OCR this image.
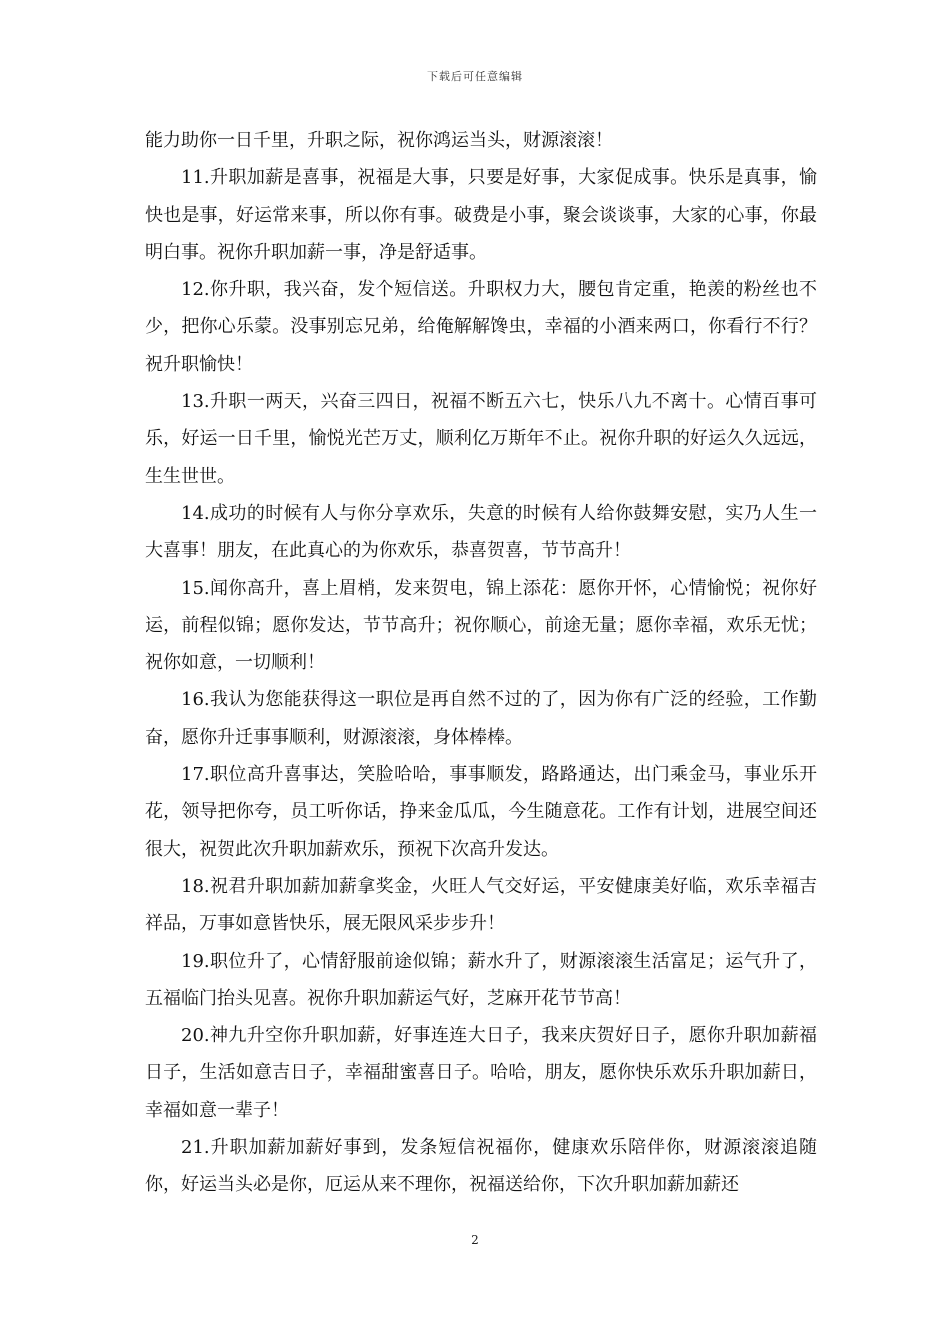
下载后可任意编辑

能力助你一日千里，升职之际，祝你鸿运当头，财源滚滚！

11.升职加薪是喜事，祝福是大事，只要是好事，大家促成事。快乐是真事，愉快也是事，好运常来事，所以你有事。破费是小事，聚会谈谈事，大家的心事，你最明白事。祝你升职加薪一事，净是舒适事。

12.你升职，我兴奋，发个短信送。升职权力大，腰包肯定重，艳羡的粉丝也不少，把你心乐蒙。没事别忘兄弟，给俺解解馋虫，幸福的小酒来两口，你看行不行？祝升职愉快！

13.升职一两天，兴奋三四日，祝福不断五六七，快乐八九不离十。心情百事可乐，好运一日千里，愉悦光芒万丈，顺利亿万斯年不止。祝你升职的好运久久远远，生生世世。

14.成功的时候有人与你分享欢乐，失意的时候有人给你鼓舞安慰，实乃人生一大喜事！朋友，在此真心的为你欢乐，恭喜贺喜，节节高升！

15.闻你高升，喜上眉梢，发来贺电，锦上添花：愿你开怀，心情愉悦；祝你好运，前程似锦；愿你发达，节节高升；祝你顺心，前途无量；愿你幸福，欢乐无忧；祝你如意，一切顺利！

16.我认为您能获得这一职位是再自然不过的了，因为你有广泛的经验，工作勤奋，愿你升迁事事顺利，财源滚滚，身体棒棒。

17.职位高升喜事达，笑脸哈哈，事事顺发，路路通达，出门乘金马，事业乐开花，领导把你夸，员工听你话，挣来金瓜瓜，今生随意花。工作有计划，进展空间还很大，祝贺此次升职加薪欢乐，预祝下次高升发达。

18.祝君升职加薪加薪拿奖金，火旺人气交好运，平安健康美好临，欢乐幸福吉祥品，万事如意皆快乐，展无限风采步步升！

19.职位升了，心情舒服前途似锦；薪水升了，财源滚滚生活富足；运气升了，五福临门抬头见喜。祝你升职加薪运气好，芝麻开花节节高！

20.神九升空你升职加薪，好事连连大日子，我来庆贺好日子，愿你升职加薪福日子，生活如意吉日子，幸福甜蜜喜日子。哈哈，朋友，愿你快乐欢乐升职加薪日，幸福如意一辈子！

21.升职加薪加薪好事到，发条短信祝福你，健康欢乐陪伴你，财源滚滚追随你，好运当头必是你，厄运从来不理你，祝福送给你，下次升职加薪加薪还

2
